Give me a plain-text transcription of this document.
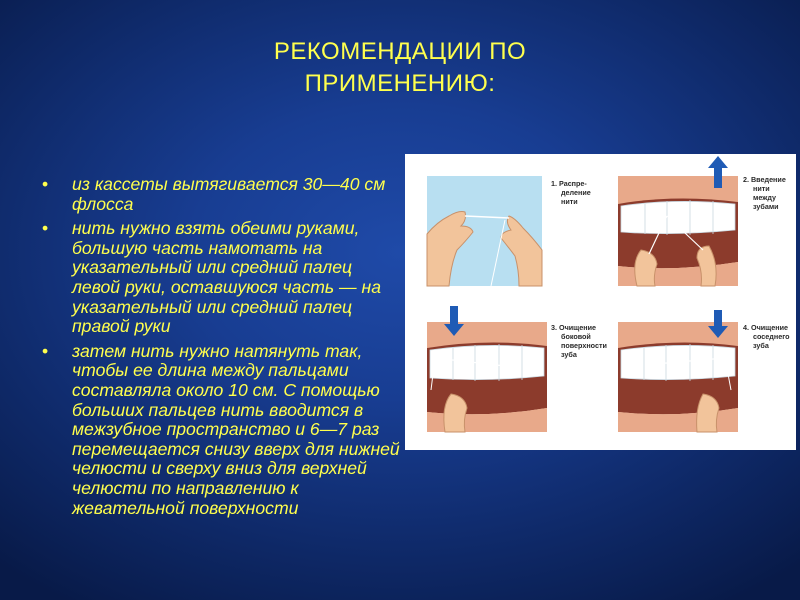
РЕКОМЕНДАЦИИ ПО
ПРИМЕНЕНИЮ:
• из кассеты вытягивается 30—40 см флосса
• нить нужно взять обеими руками, большую часть намотать на указательный или средний палец левой руки, оставшуюся часть — на указательный или средний палец правой руки
• затем нить нужно натянуть так, чтобы ее длина между пальцами составляла около 10 см. С помощью больших пальцев нить вводится в межзубное пространство и 6—7 раз перемещается снизу вверх для нижней челюсти и сверху вниз для верхней челюсти по направлению к жевательной поверхности
1. Распре-
деление
нити
2. Введение
нити
между
зубами
3. Очищение
боковой
поверхности
зуба
4. Очищение
соседнего
зуба
